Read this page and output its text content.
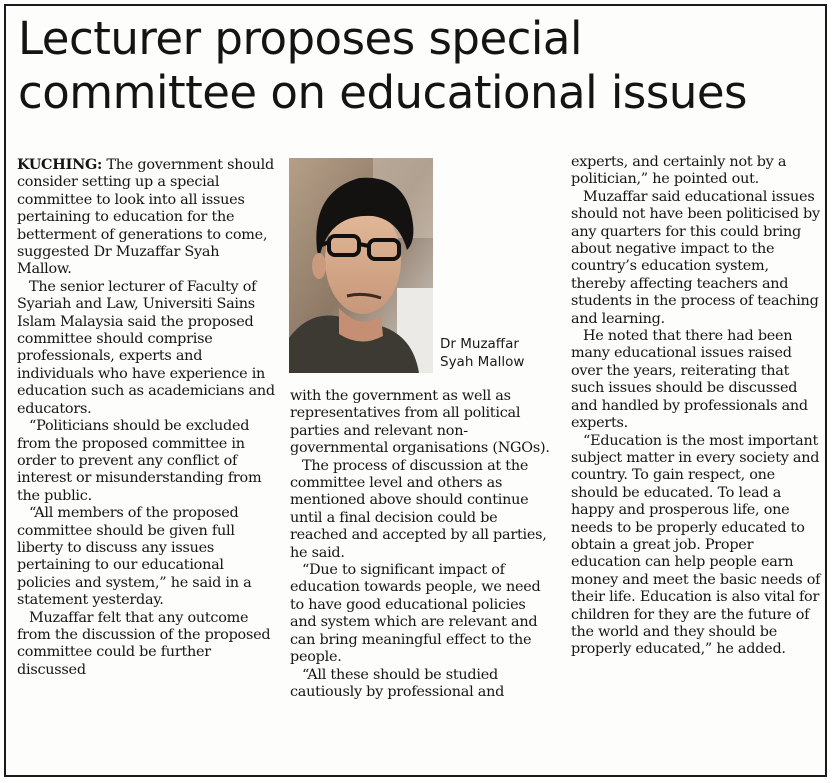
Lecturer proposes special committee on educational issues

KUCHING: The government should consider setting up a special committee to look into all issues pertaining to education for the betterment of generations to come, suggested Dr Muzaffar Syah Mallow.

The senior lecturer of Faculty of Syariah and Law, Universiti Sains Islam Malaysia said the proposed committee should comprise professionals, experts and individuals who have experience in education such as academicians and educators.

“Politicians should be excluded from the proposed committee in order to prevent any conflict of interest or misunderstanding from the public.

“All members of the proposed committee should be given full liberty to discuss any issues pertaining to our educational policies and system,” he said in a statement yesterday.

Muzaffar felt that any outcome from the discussion of the proposed committee could be further discussed

Dr Muzaffar Syah Mallow

with the government as well as representatives from all political parties and relevant non-governmental organisations (NGOs).

The process of discussion at the committee level and others as mentioned above should continue until a final decision could be reached and accepted by all parties, he said.

“Due to significant impact of education towards people, we need to have good educational policies and system which are relevant and can bring meaningful effect to the people.

“All these should be studied cautiously by professional and

experts, and certainly not by a politician,” he pointed out.

Muzaffar said educational issues should not have been politicised by any quarters for this could bring about negative impact to the country’s education system, thereby affecting teachers and students in the process of teaching and learning.

He noted that there had been many educational issues raised over the years, reiterating that such issues should be discussed and handled by professionals and experts.

“Education is the most important subject matter in every society and country. To gain respect, one should be educated. To lead a happy and prosperous life, one needs to be properly educated to obtain a great job. Proper education can help people earn money and meet the basic needs of their life. Education is also vital for children for they are the future of the world and they should be properly educated,” he added.
